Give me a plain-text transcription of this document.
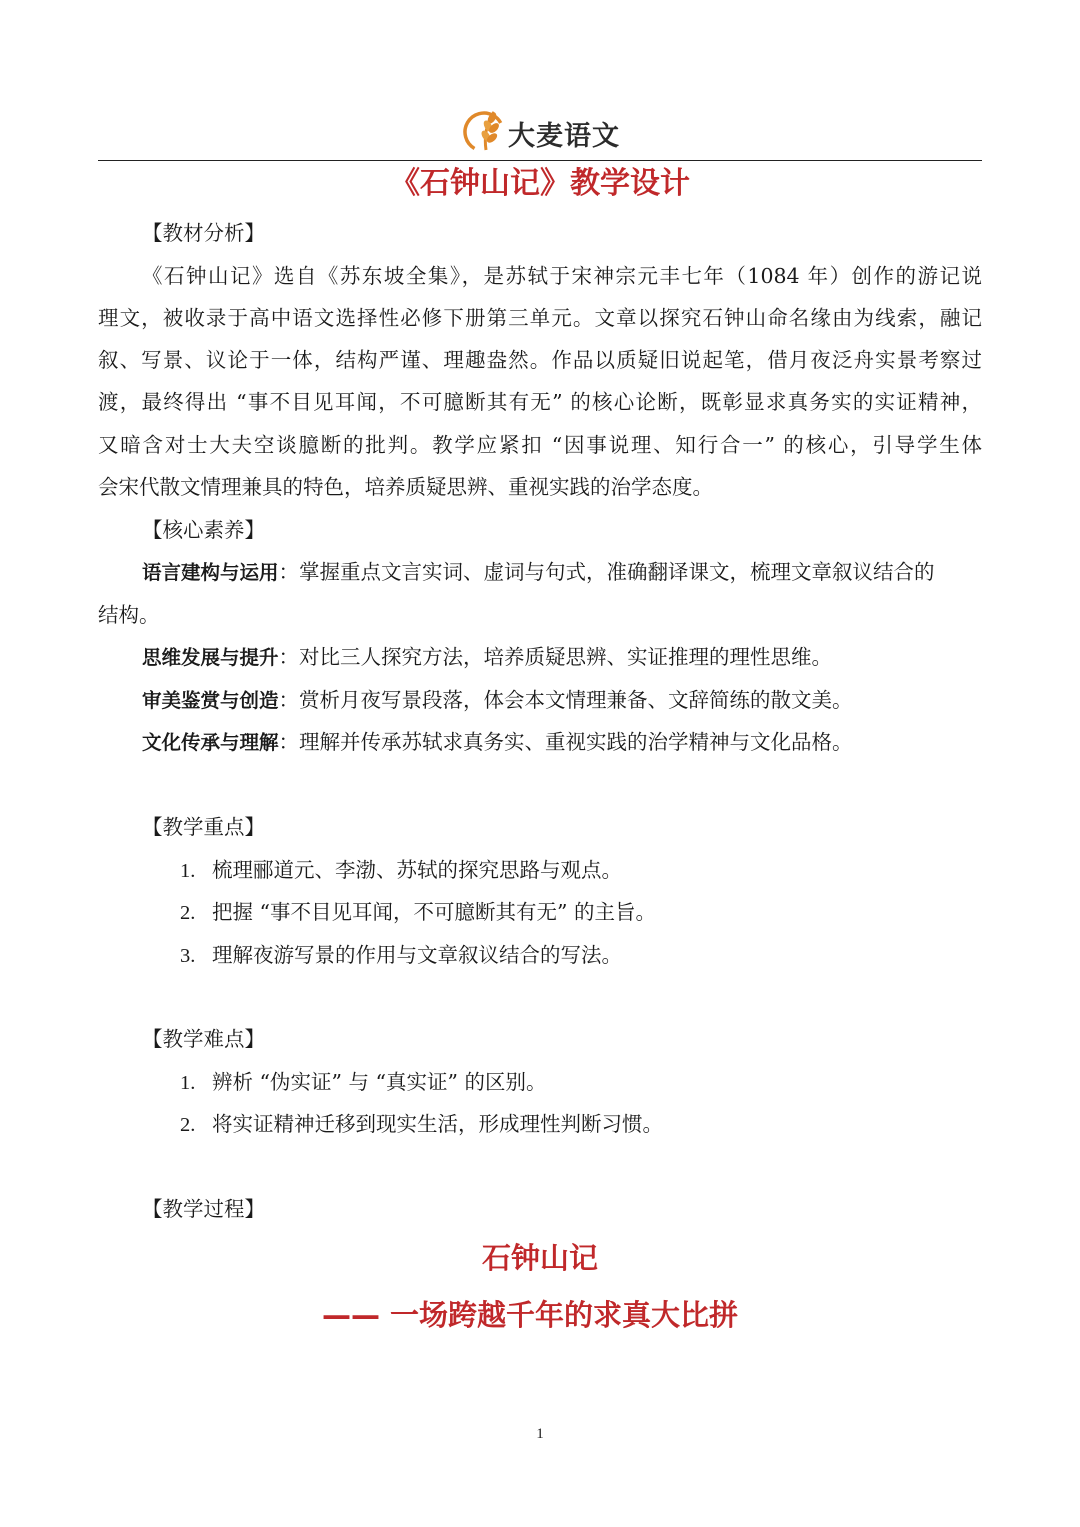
大麦语文
《石钟山记》教学设计
【教材分析】
《石钟山记》选自《苏东坡全集》，是苏轼于宋神宗元丰七年（1084 年）创作的游记说
理文，被收录于高中语文选择性必修下册第三单元。文章以探究石钟山命名缘由为线索，融记
叙、写景、议论于一体，结构严谨、理趣盎然。作品以质疑旧说起笔，借月夜泛舟实景考察过
渡，最终得出 “事不目见耳闻，不可臆断其有无” 的核心论断，既彰显求真务实的实证精神，
又暗含对士大夫空谈臆断的批判。教学应紧扣 “因事说理、知行合一” 的核心，引导学生体
会宋代散文情理兼具的特色，培养质疑思辨、重视实践的治学态度。
【核心素养】
语言建构与运用：掌握重点文言实词、虚词与句式，准确翻译课文，梳理文章叙议结合的
结构。
思维发展与提升：对比三人探究方法，培养质疑思辨、实证推理的理性思维。
审美鉴赏与创造：赏析月夜写景段落，体会本文情理兼备、文辞简练的散文美。
文化传承与理解：理解并传承苏轼求真务实、重视实践的治学精神与文化品格。
【教学重点】
1. 梳理郦道元、李渤、苏轼的探究思路与观点。
2. 把握 “事不目见耳闻，不可臆断其有无” 的主旨。
3. 理解夜游写景的作用与文章叙议结合的写法。
【教学难点】
1. 辨析 “伪实证” 与 “真实证” 的区别。
2. 将实证精神迁移到现实生活，形成理性判断习惯。
【教学过程】
石钟山记
—— 一场跨越千年的求真大比拼
1
